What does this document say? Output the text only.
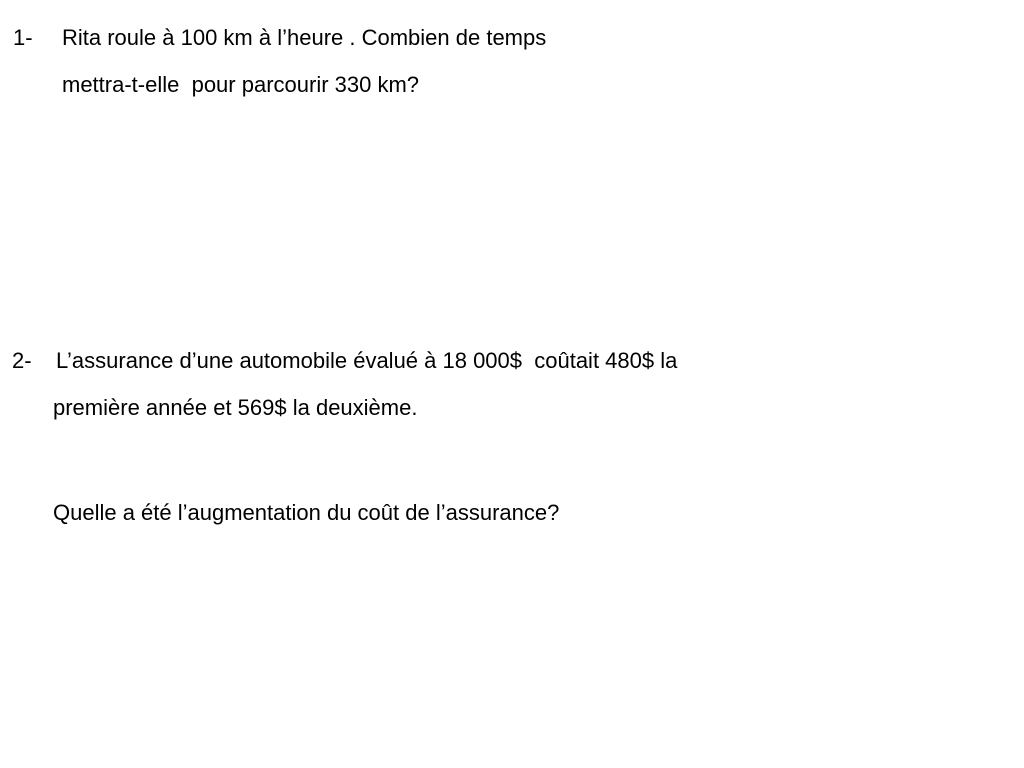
1- Rita roule à 100 km à l’heure . Combien de temps
mettra-t-elle  pour parcourir 330 km?
2- L’assurance d’une automobile évalué à 18 000$  coûtait 480$ la
première année et 569$ la deuxième.
Quelle a été l’augmentation du coût de l’assurance?
